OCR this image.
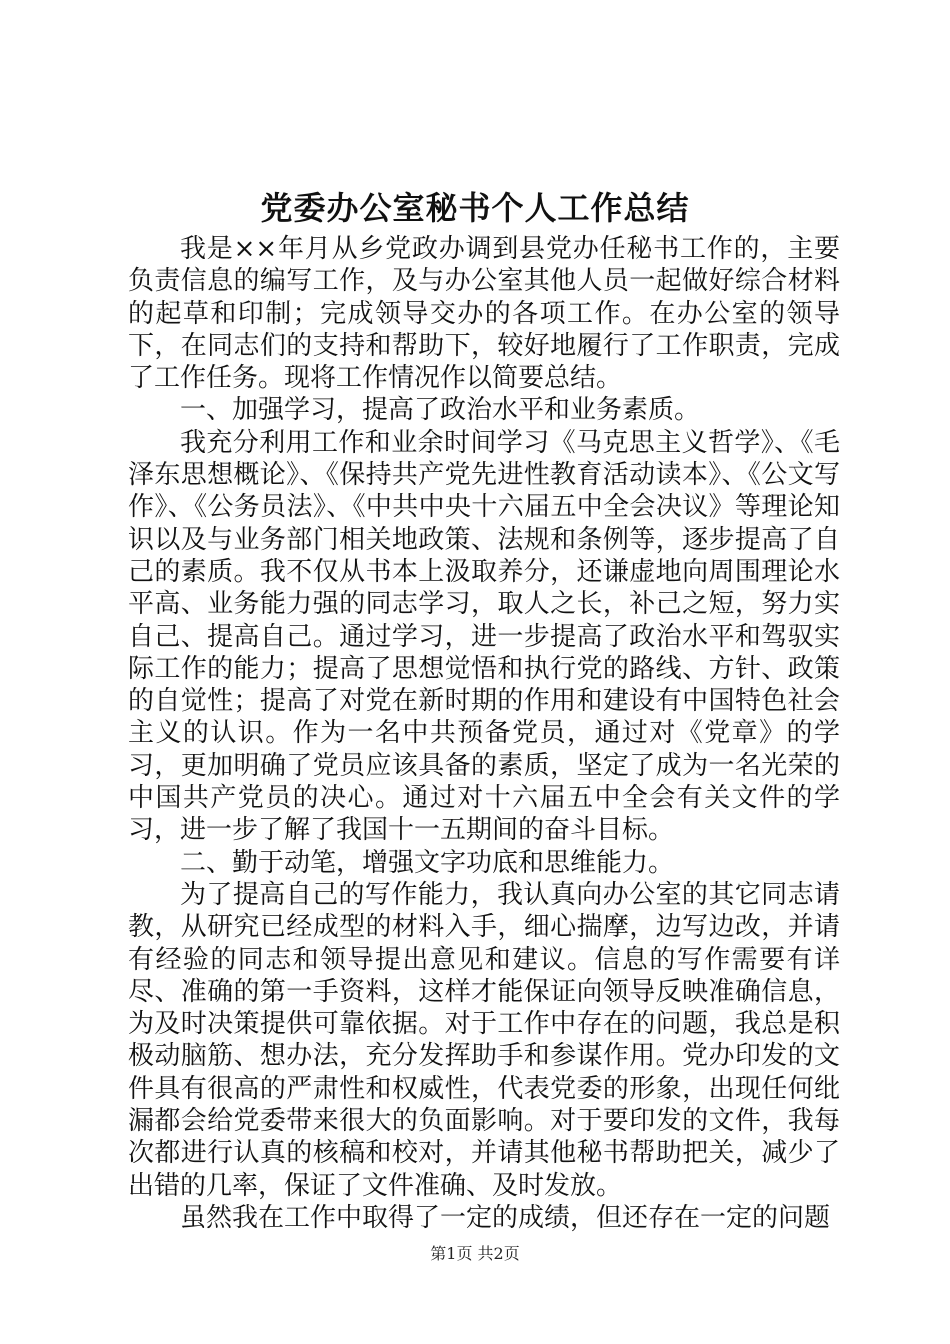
党委办公室秘书个人工作总结

我是××年月从乡党政办调到县党办任秘书工作的，主要负责信息的编写工作，及与办公室其他人员一起做好综合材料的起草和印制；完成领导交办的各项工作。在办公室的领导下，在同志们的支持和帮助下，较好地履行了工作职责，完成了工作任务。现将工作情况作以简要总结。

一、加强学习，提高了政治水平和业务素质。

我充分利用工作和业余时间学习《马克思主义哲学》、《毛泽东思想概论》、《保持共产党先进性教育活动读本》、《公文写作》、《公务员法》、《中共中央十六届五中全会决议》等理论知识以及与业务部门相关地政策、法规和条例等，逐步提高了自己的素质。我不仅从书本上汲取养分，还谦虚地向周围理论水平高、业务能力强的同志学习，取人之长，补己之短，努力实自己、提高自己。通过学习，进一步提高了政治水平和驾驭实际工作的能力；提高了思想觉悟和执行党的路线、方针、政策的自觉性；提高了对党在新时期的作用和建设有中国特色社会主义的认识。作为一名中共预备党员，通过对《党章》的学习，更加明确了党员应该具备的素质，坚定了成为一名光荣的中国共产党员的决心。通过对十六届五中全会有关文件的学习，进一步了解了我国十一五期间的奋斗目标。

二、勤于动笔，增强文字功底和思维能力。

为了提高自己的写作能力，我认真向办公室的其它同志请教，从研究已经成型的材料入手，细心揣摩，边写边改，并请有经验的同志和领导提出意见和建议。信息的写作需要有详尽、准确的第一手资料，这样才能保证向领导反映准确信息，为及时决策提供可靠依据。对于工作中存在的问题，我总是积极动脑筋、想办法，充分发挥助手和参谋作用。党办印发的文件具有很高的严肃性和权威性，代表党委的形象，出现任何纰漏都会给党委带来很大的负面影响。对于要印发的文件，我每次都进行认真的核稿和校对，并请其他秘书帮助把关，减少了出错的几率，保证了文件准确、及时发放。

虽然我在工作中取得了一定的成绩，但还存在一定的问题

第1页 共2页
